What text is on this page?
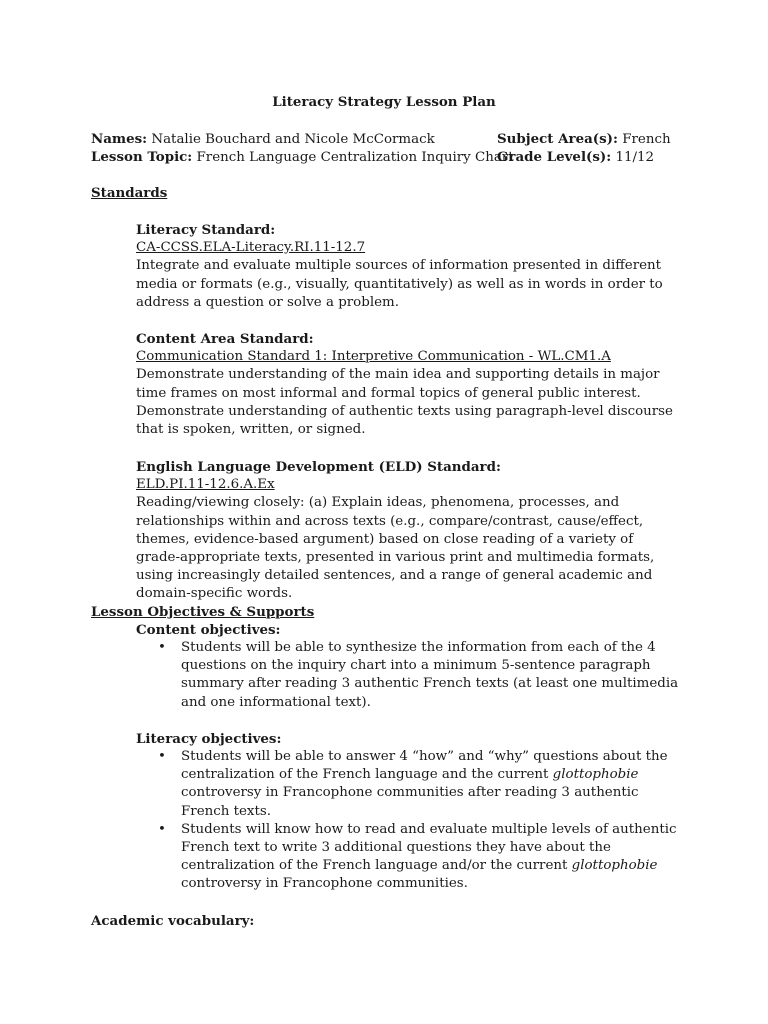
Literacy Strategy Lesson Plan
Names: Natalie Bouchard and Nicole McCormack	Subject Area(s): French
Lesson Topic: French Language Centralization Inquiry Chart
Grade Level(s): 11/12
Standards
Literacy Standard:
CA-CCSS.ELA-Literacy.RI.11-12.7

Integrate and evaluate multiple sources of information presented in different media or formats (e.g., visually, quantitatively) as well as in words in order to address a question or solve a problem.

Content Area Standard:
Communication Standard 1: Interpretive Communication - WL.CM1.A

Demonstrate understanding of the main idea and supporting details in major time frames on most informal and formal topics of general public interest. Demonstrate understanding of authentic texts using paragraph-level discourse that is spoken, written, or signed.

English Language Development (ELD) Standard:
ELD.PI.11-12.6.A.Ex

Reading/viewing closely: (a) Explain ideas, phenomena, processes, and relationships within and across texts (e.g., compare/contrast, cause/effect, themes, evidence-based argument) based on close reading of a variety of grade-appropriate texts, presented in various print and multimedia formats, using increasingly detailed sentences, and a range of general academic and domain-specific words.

Lesson Objectives & Supports
Content objectives:
• Students will be able to synthesize the information from each of the 4 questions on the inquiry chart into a minimum 5-sentence paragraph summary after reading 3 authentic French texts (at least one multimedia and one informational text).
Literacy objectives:
• Students will be able to answer 4 “how” and “why” questions about the centralization of the French language and the current glottophobie controversy in Francophone communities after reading 3 authentic French texts.
• Students will know how to read and evaluate multiple levels of authentic French text to write 3 additional questions they have about the centralization of the French language and/or the current glottophobie controversy in Francophone communities.
Academic vocabulary:
